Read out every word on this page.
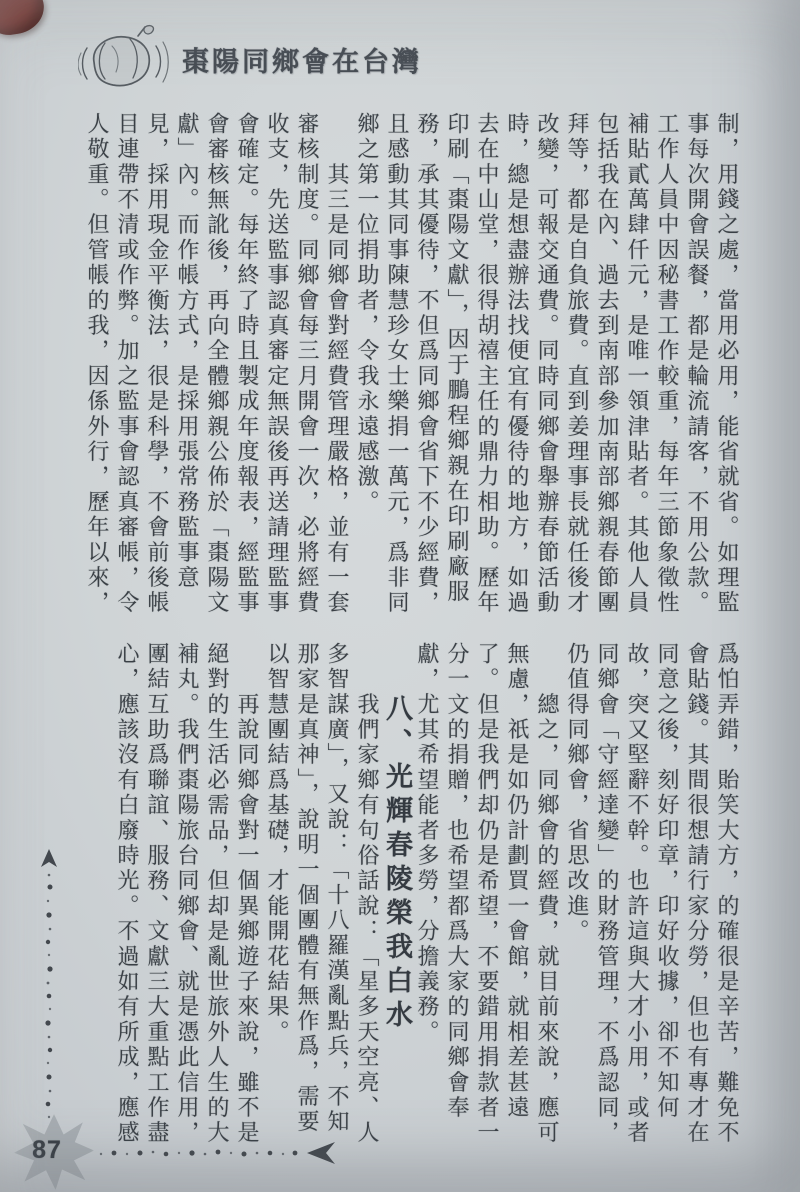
棗陽同鄉會在台灣

制，用錢之處，當用必用，能省就省。如理監

事每次開會誤餐，都是輪流請客，不用公款。

工作人員中因秘書工作較重，每年三節象徵性

補貼貳萬肆仟元，是唯一領津貼者。其他人員

包括我在內、過去到南部參加南部鄉親春節團

拜等，都是自負旅費。直到姜理事長就任後才

改變，可報交通費。同時同鄉會舉辦春節活動

時，總是想盡辦法找便宜有優待的地方，如過

去在中山堂，很得胡禧主任的鼎力相助。歷年

印刷「棗陽文獻」，因于鵬程鄉親在印刷廠服

務，承其優待，不但爲同鄉會省下不少經費，

且感動其同事陳慧珍女士樂捐一萬元，爲非同

鄉之第一位捐助者，令我永遠感激。

　　其三是同鄉會對經費管理嚴格，並有一套

審核制度。同鄉會每三月開會一次，必將經費

收支，先送監事認真審定無誤後再送請理監事

會確定。每年終了時且製成年度報表，經監事

會審核無訛後，再向全體鄉親公佈於「棗陽文

獻」內。而作帳方式，是採用張常務監事意

見，採用現金平衡法，很是科學，不會前後帳

目連帶不清或作弊。加之監事會認真審帳，令

人敬重。但管帳的我，因係外行，歷年以來，

爲怕弄錯，貽笑大方，的確很是辛苦，難免不

會貼錢。其間很想請行家分勞，但也有專才在

同意之後，刻好印章，印好收據，卻不知何

故，突又堅辭不幹。也許這與大才小用，或者

同鄉會「守經達變」的財務管理，不爲認同，

仍值得同鄉會，省思改進。

　　總之，同鄉會的經費，就目前來說，應可

無慮，祇是如仍計劃買一會館，就相差甚遠

了。但是我們却仍是希望，不要錯用捐款者一

分一文的捐贈，也希望都爲大家的同鄉會奉

獻，尤其希望能者多勞，分擔義務。

八、光輝春陵榮我白水

　　我們家鄉有句俗話說：「星多天空亮、人

多智謀廣」，又說：「十八羅漢亂點兵，不知

那家是真神」，說明一個團體有無作爲，需要

以智慧團結爲基礎，才能開花結果。

　　再說同鄉會對一個異鄉遊子來說，雖不是

絕對的生活必需品，但却是亂世旅外人生的大

補丸。我們棗陽旅台同鄉會、就是憑此信用，

團結互助爲聯誼、服務、文獻三大重點工作盡

心，應該沒有白廢時光。不過如有所成，應感

87
